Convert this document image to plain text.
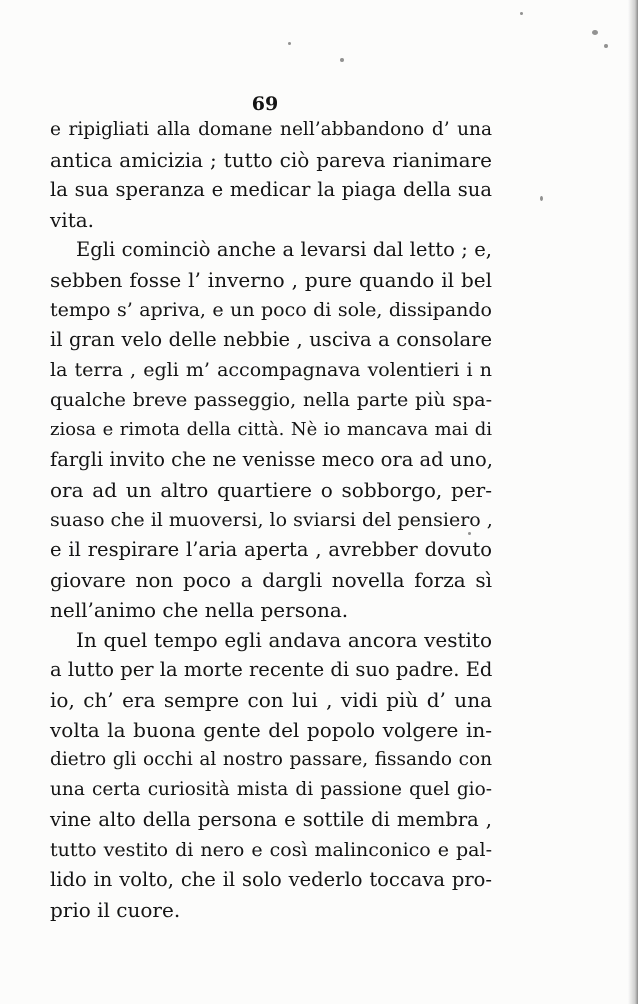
69
e ripigliati alla domane nell’abbandono d’ una
antica amicizia ; tutto ciò pareva rianimare
la sua speranza e medicar la piaga della sua
vita.
Egli cominciò anche a levarsi dal letto ; e,
sebben fosse l’ inverno , pure quando il bel
tempo s’ apriva, e un poco di sole, dissipando
il gran velo delle nebbie , usciva a consolare
la terra , egli m’ accompagnava volentieri i n
qualche breve passeggio, nella parte più spa-
ziosa e rimota della città. Nè io mancava mai di
fargli invito che ne venisse meco ora ad uno,
ora ad un altro quartiere o sobborgo, per-
suaso che il muoversi, lo sviarsi del pensiero ,
e il respirare l’aria aperta , avrebber dovuto
giovare non poco a dargli novella forza sì
nell’animo che nella persona.
In quel tempo egli andava ancora vestito
a lutto per la morte recente di suo padre. Ed
io, ch’ era sempre con lui , vidi più d’ una
volta la buona gente del popolo volgere in-
dietro gli occhi al nostro passare, fissando con
una certa curiosità mista di passione quel gio-
vine alto della persona e sottile di membra ,
tutto vestito di nero e così malinconico e pal-
lido in volto, che il solo vederlo toccava pro-
prio il cuore.
